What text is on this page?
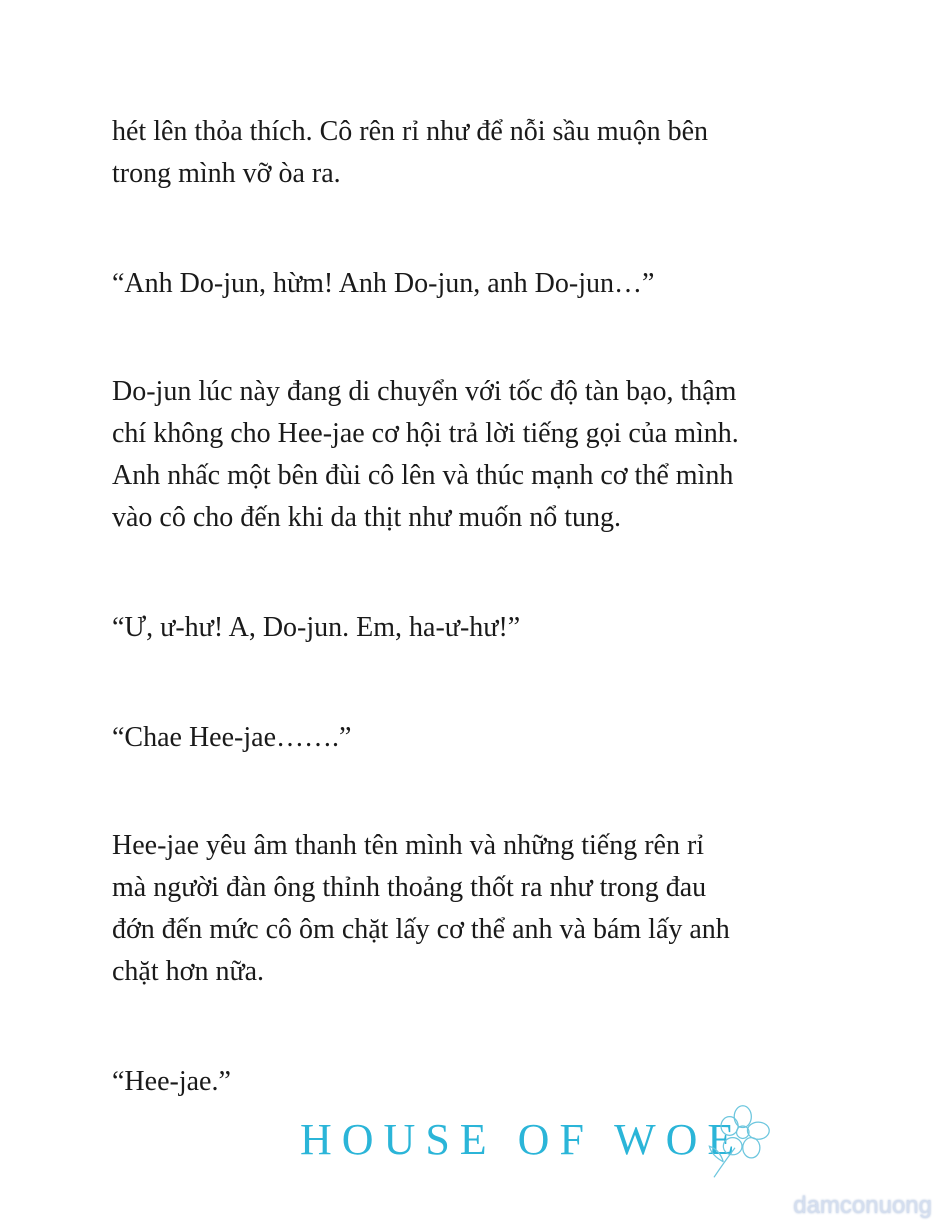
hét lên thỏa thích. Cô rên rỉ như để nỗi sầu muộn bên
trong mình vỡ òa ra.
“Anh Do-jun, hừm! Anh Do-jun, anh Do-jun…”
Do-jun lúc này đang di chuyển với tốc độ tàn bạo, thậm
chí không cho Hee-jae cơ hội trả lời tiếng gọi của mình.
Anh nhấc một bên đùi cô lên và thúc mạnh cơ thể mình
vào cô cho đến khi da thịt như muốn nổ tung.
“Ư, ư-hư! A, Do-jun. Em, ha-ư-hư!”
“Chae Hee-jae…….”
Hee-jae yêu âm thanh tên mình và những tiếng rên rỉ
mà người đàn ông thỉnh thoảng thốt ra như trong đau
đớn đến mức cô ôm chặt lấy cơ thể anh và bám lấy anh
chặt hơn nữa.
“Hee-jae.”
HOUSE OF WOE
damconuong
